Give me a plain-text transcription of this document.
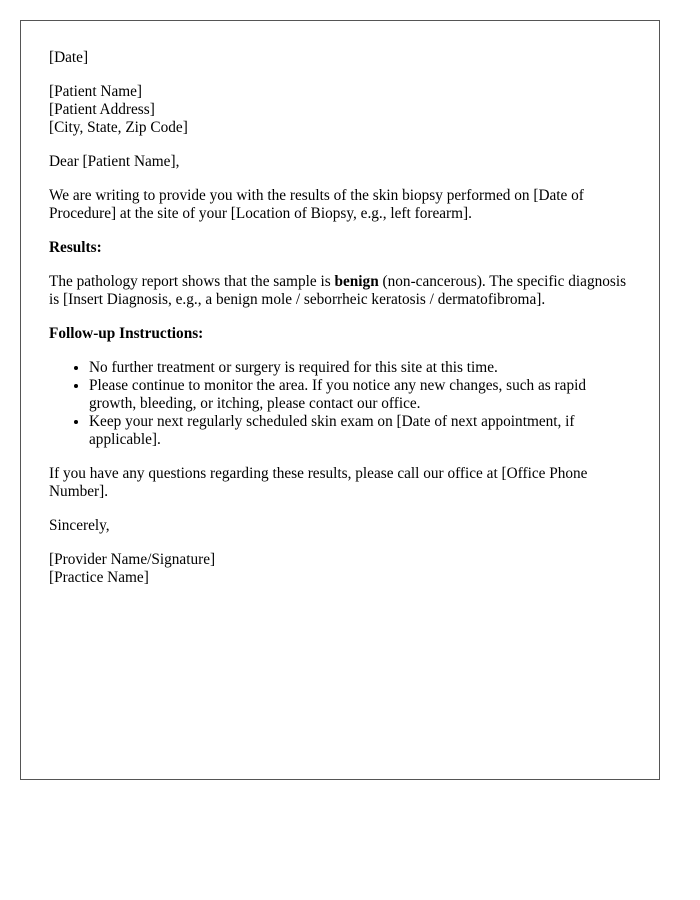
[Date]

[Patient Name]
[Patient Address]
[City, State, Zip Code]

Dear [Patient Name],

We are writing to provide you with the results of the skin biopsy performed on [Date of Procedure] at the site of your [Location of Biopsy, e.g., left forearm].

Results:

The pathology report shows that the sample is benign (non-cancerous). The specific diagnosis is [Insert Diagnosis, e.g., a benign mole / seborrheic keratosis / dermatofibroma].

Follow-up Instructions:

• No further treatment or surgery is required for this site at this time.
• Please continue to monitor the area. If you notice any new changes, such as rapid growth, bleeding, or itching, please contact our office.
• Keep your next regularly scheduled skin exam on [Date of next appointment, if applicable].

If you have any questions regarding these results, please call our office at [Office Phone Number].

Sincerely,

[Provider Name/Signature]
[Practice Name]
